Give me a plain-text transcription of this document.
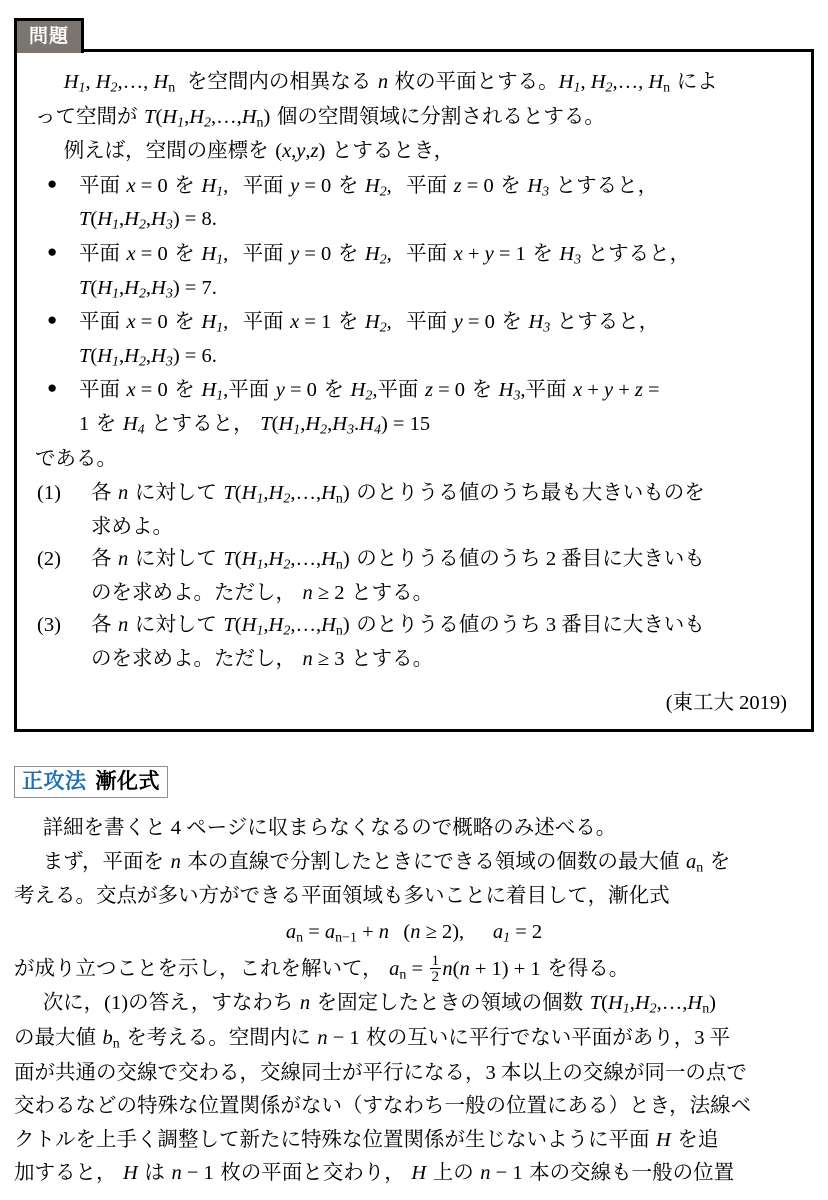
問題

$H_1$, $H_2,\dots$, $H_n$ を空間内の相異なる n 枚の平面とする。$H_1$, $H_2,\dots$, $H_n$ によ

って空間が $T(H_1,H_2,\dots,H_n)$ 個の空間領域に分割されるとする。

例えば，空間の座標を (x,y,z) とするとき，

● 平面 x = 0 を $H_1$, 平面 y = 0 を $H_2$, 平面 z = 0 を $H_3$ とすると，
$T(H_1,H_2,H_3) = 8$.
● 平面 x = 0 を $H_1$, 平面 y = 0 を $H_2$, 平面 x + y = 1 を $H_3$ とすると，
$T(H_1,H_2,H_3) = 7$.
● 平面 x = 0 を $H_1$, 平面 x = 1 を $H_2$, 平面 y = 0 を $H_3$ とすると，
$T(H_1,H_2,H_3) = 6$.
● 平面 x = 0 を $H_1$,平面 y = 0 を $H_2$,平面 z = 0 を $H_3$,平面 x + y + z =
1 を $H_4$ とすると， $T(H_1,H_2,H_3.H_4) = 15$

である。

(1)	各 n に対して $T(H_1,H_2,\dots,H_n)$ のとりうる値のうち最も大きいものを
求めよ。
(2)	各 n に対して $T(H_1,H_2,\dots,H_n)$ のとりうる値のうち 2 番目に大きいも
のを求めよ。ただし， n ≥ 2 とする。
(3)	各 n に対して $T(H_1,H_2,\dots,H_n)$ のとりうる値のうち 3 番目に大きいも
のを求めよ。ただし， n ≥ 3 とする。
(東工大 2019)
正攻法 漸化式

詳細を書くと 4 ページに収まらなくなるので概略のみ述べる。

まず，平面を n 本の直線で分割したときにできる領域の個数の最大値 $a_n$ を

考える。交点が多い方ができる平面領域も多いことに着目して，漸化式

$a_n = a_{n-1} + n$ (n ≥ 2), $a_1 = 2$

が成り立つことを示し，これを解いて， $a_n = \frac{1}{2} n(n + 1) + 1$ を得る。

次に，(1)の答え，すなわち n を固定したときの領域の個数 $T(H_1,H_2,\dots,H_n)$

の最大値 $b_n$ を考える。空間内に n − 1 枚の互いに平行でない平面があり，3 平

面が共通の交線で交わる，交線同士が平行になる，3 本以上の交線が同一の点で

交わるなどの特殊な位置関係がない（すなわち一般の位置にある）とき，法線ベ

クトルを上手く調整して新たに特殊な位置関係が生じないように平面 H を追

加すると， H は n − 1 枚の平面と交わり， H 上の n − 1 本の交線も一般の位置
